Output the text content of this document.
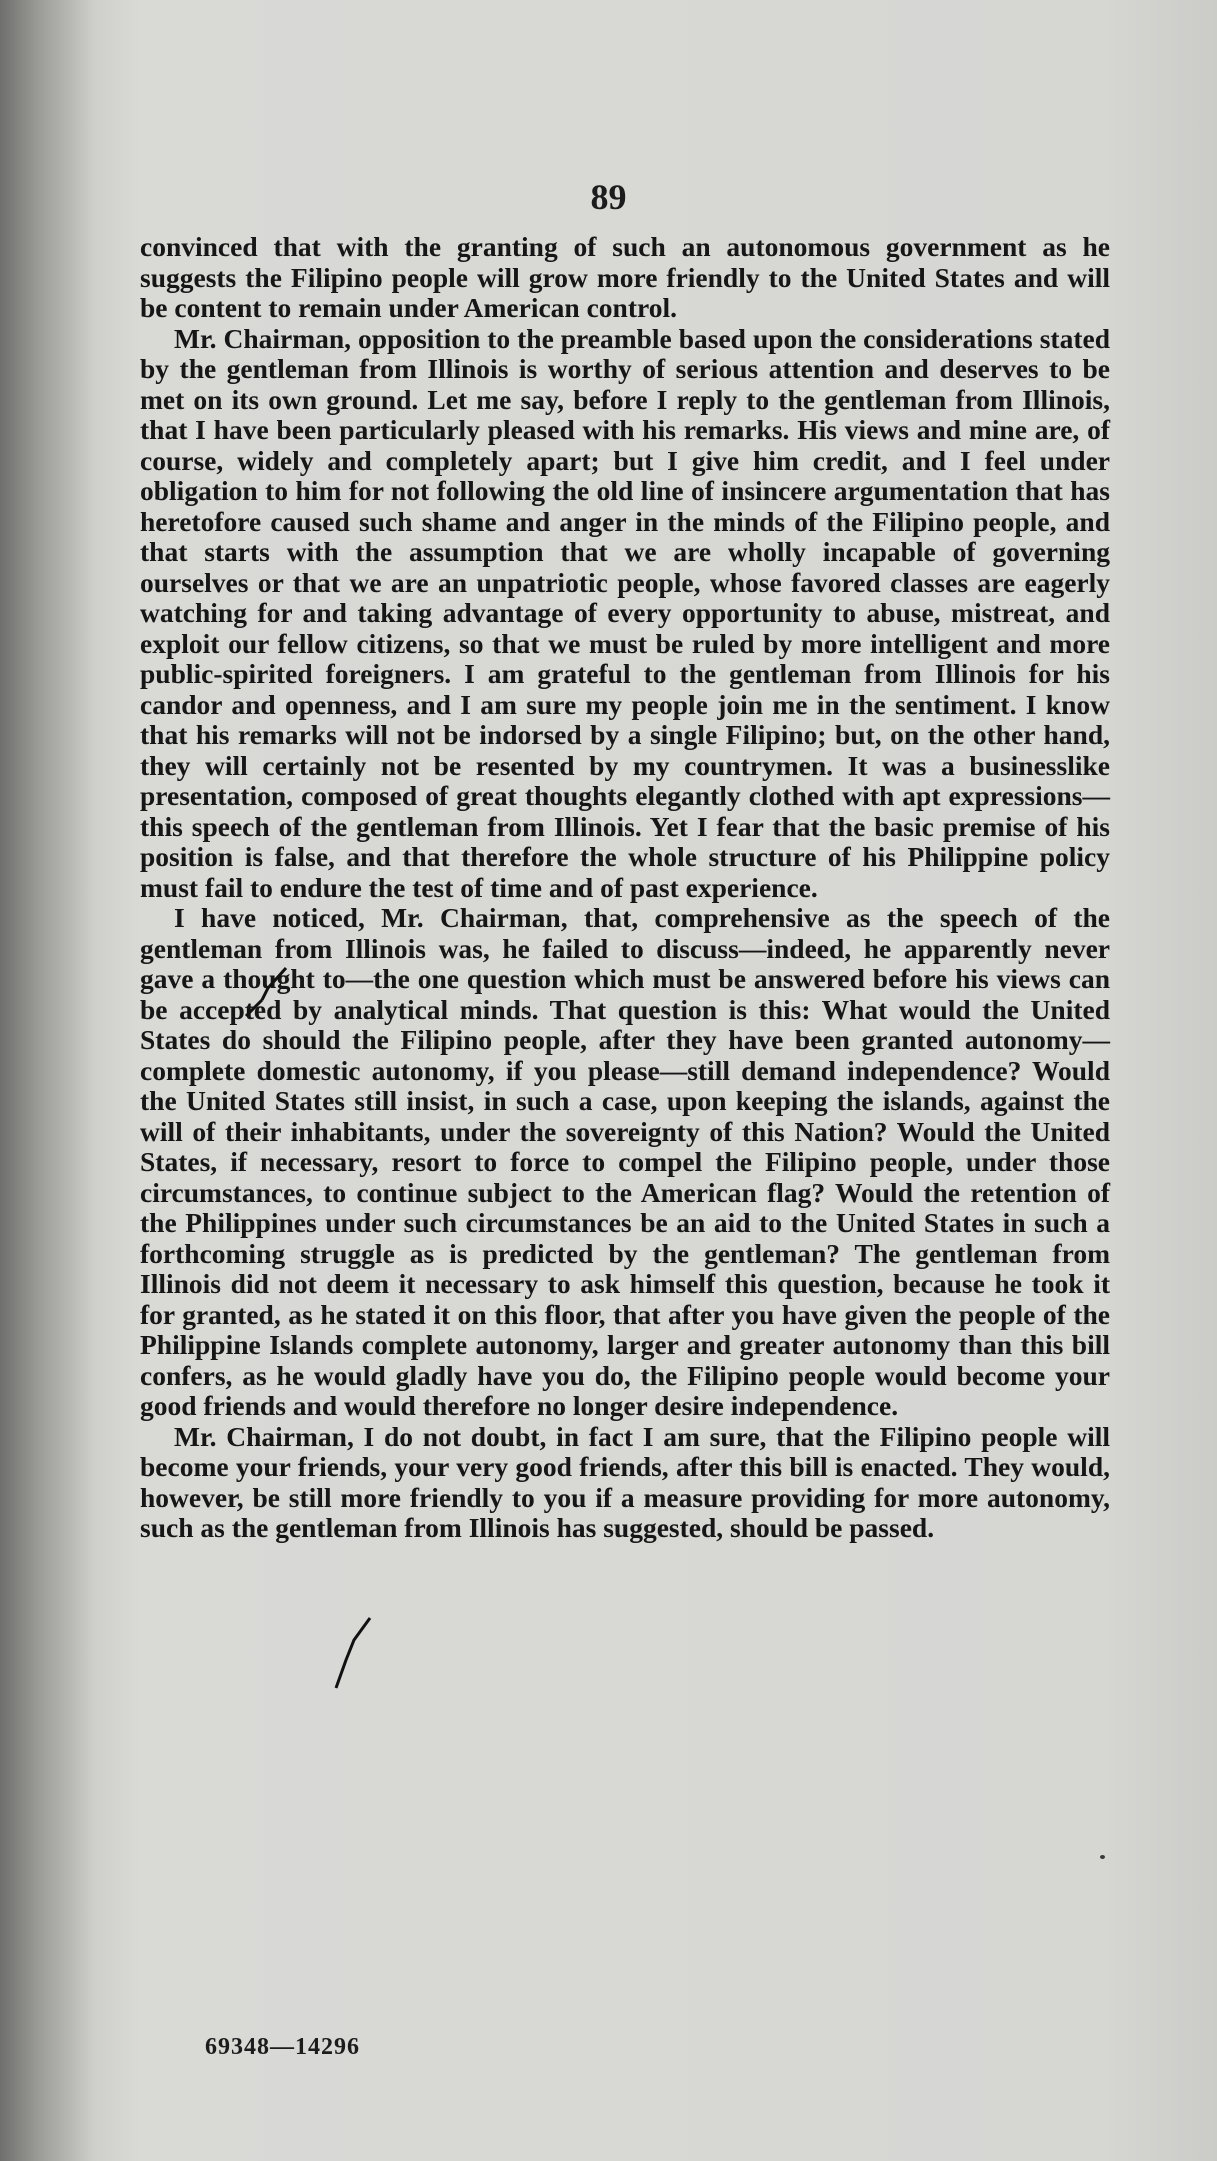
89

convinced that with the granting of such an autonomous government as he suggests the Filipino people will grow more friendly to the United States and will be content to remain under American control.

Mr. Chairman, opposition to the preamble based upon the considerations stated by the gentleman from Illinois is worthy of serious attention and deserves to be met on its own ground. Let me say, before I reply to the gentleman from Illinois, that I have been particularly pleased with his remarks. His views and mine are, of course, widely and completely apart; but I give him credit, and I feel under obligation to him for not following the old line of insincere argumentation that has heretofore caused such shame and anger in the minds of the Filipino people, and that starts with the assumption that we are wholly incapable of governing ourselves or that we are an unpatriotic people, whose favored classes are eagerly watching for and taking advantage of every opportunity to abuse, mistreat, and exploit our fellow citizens, so that we must be ruled by more intelligent and more public-spirited foreigners. I am grateful to the gentleman from Illinois for his candor and openness, and I am sure my people join me in the sentiment. I know that his remarks will not be indorsed by a single Filipino; but, on the other hand, they will certainly not be resented by my countrymen. It was a businesslike presentation, composed of great thoughts elegantly clothed with apt expressions—this speech of the gentleman from Illinois. Yet I fear that the basic premise of his position is false, and that therefore the whole structure of his Philippine policy must fail to endure the test of time and of past experience.

I have noticed, Mr. Chairman, that, comprehensive as the speech of the gentleman from Illinois was, he failed to discuss—indeed, he apparently never gave a thought to—the one question which must be answered before his views can be accepted by analytical minds. That question is this: What would the United States do should the Filipino people, after they have been granted autonomy—complete domestic autonomy, if you please—still demand independence? Would the United States still insist, in such a case, upon keeping the islands, against the will of their inhabitants, under the sovereignty of this Nation? Would the United States, if necessary, resort to force to compel the Filipino people, under those circumstances, to continue subject to the American flag? Would the retention of the Philippines under such circumstances be an aid to the United States in such a forthcoming struggle as is predicted by the gentleman? The gentleman from Illinois did not deem it necessary to ask himself this question, because he took it for granted, as he stated it on this floor, that after you have given the people of the Philippine Islands complete autonomy, larger and greater autonomy than this bill confers, as he would gladly have you do, the Filipino people would become your good friends and would therefore no longer desire independence.

Mr. Chairman, I do not doubt, in fact I am sure, that the Filipino people will become your friends, your very good friends, after this bill is enacted. They would, however, be still more friendly to you if a measure providing for more autonomy, such as the gentleman from Illinois has suggested, should be passed.

69348—14296
